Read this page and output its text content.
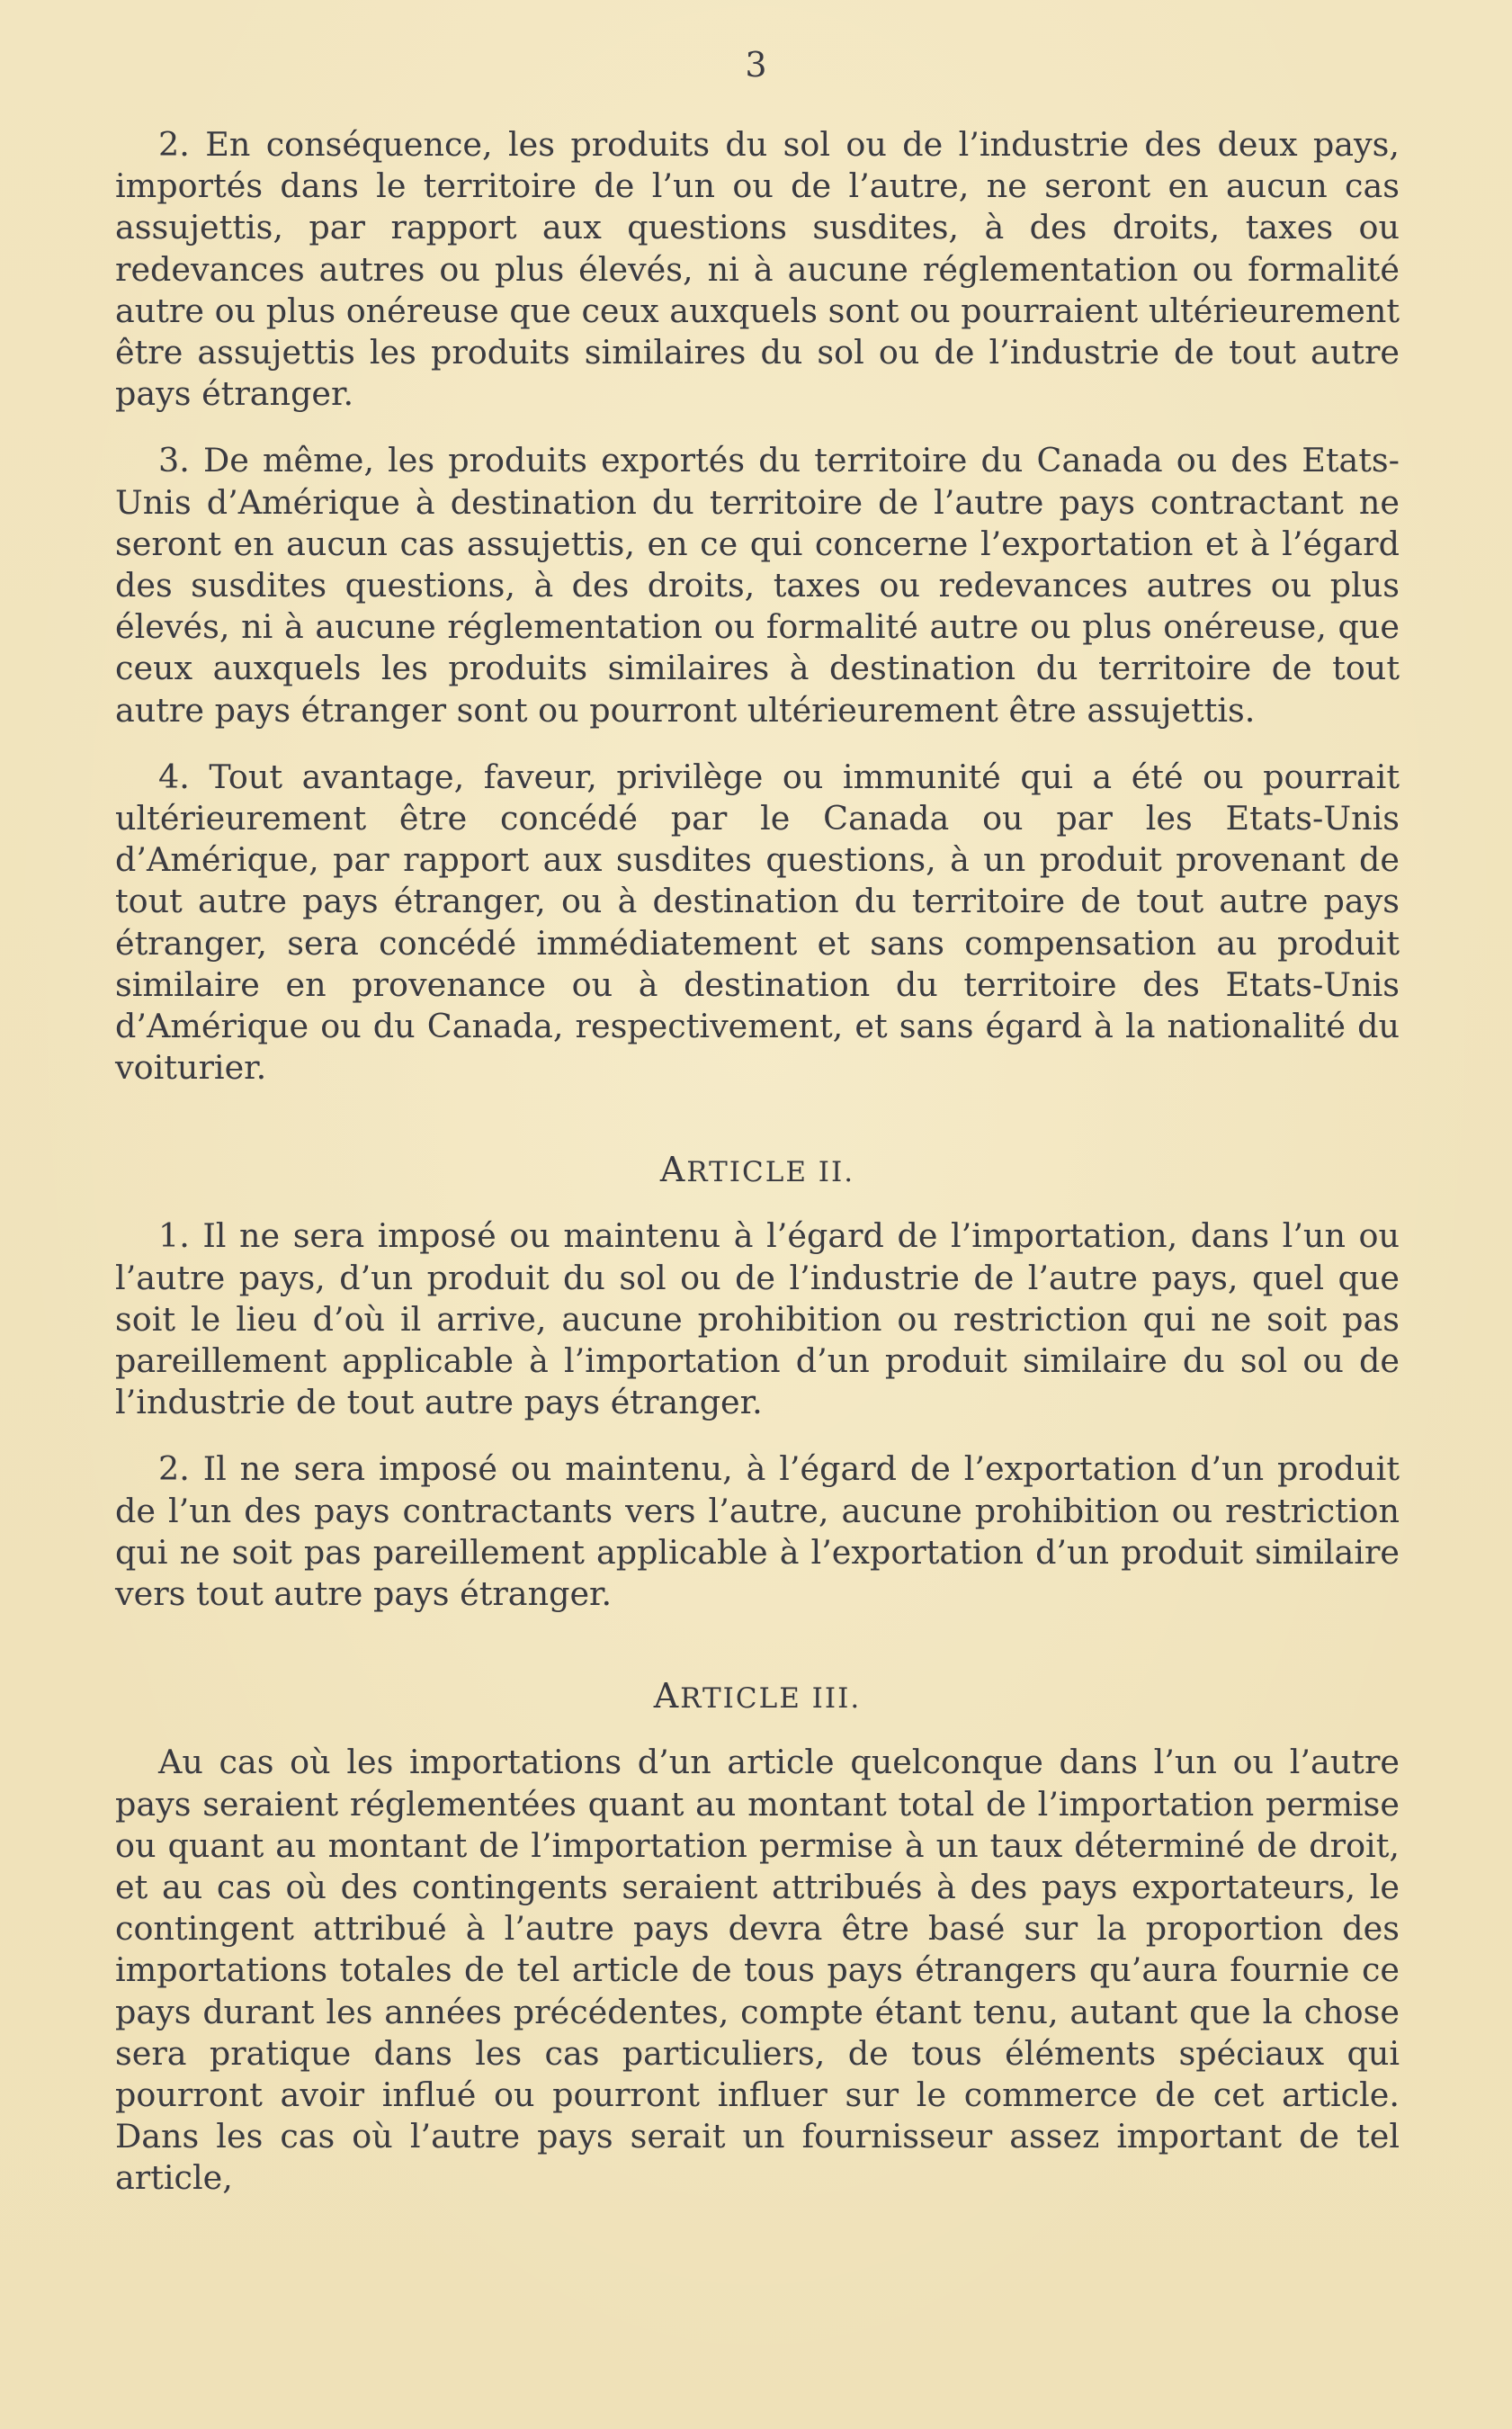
3

2. En conséquence, les produits du sol ou de l’industrie des deux pays, importés dans le territoire de l’un ou de l’autre, ne seront en aucun cas assujettis, par rapport aux questions susdites, à des droits, taxes ou redevances autres ou plus élevés, ni à aucune réglementation ou formalité autre ou plus onéreuse que ceux auxquels sont ou pourraient ultérieurement être assujettis les produits similaires du sol ou de l’industrie de tout autre pays étranger.

3. De même, les produits exportés du territoire du Canada ou des Etats-Unis d’Amérique à destination du territoire de l’autre pays contractant ne seront en aucun cas assujettis, en ce qui concerne l’exportation et à l’égard des susdites questions, à des droits, taxes ou redevances autres ou plus élevés, ni à aucune réglementation ou formalité autre ou plus onéreuse, que ceux auxquels les produits similaires à destination du territoire de tout autre pays étranger sont ou pourront ultérieurement être assujettis.

4. Tout avantage, faveur, privilège ou immunité qui a été ou pourrait ultérieurement être concédé par le Canada ou par les Etats-Unis d’Amérique, par rapport aux susdites questions, à un produit provenant de tout autre pays étranger, ou à destination du territoire de tout autre pays étranger, sera concédé immédiatement et sans compensation au produit similaire en provenance ou à destination du territoire des Etats-Unis d’Amérique ou du Canada, respectivement, et sans égard à la nationalité du voiturier.

ARTICLE II.

1. Il ne sera imposé ou maintenu à l’égard de l’importation, dans l’un ou l’autre pays, d’un produit du sol ou de l’industrie de l’autre pays, quel que soit le lieu d’où il arrive, aucune prohibition ou restriction qui ne soit pas pareillement applicable à l’importation d’un produit similaire du sol ou de l’industrie de tout autre pays étranger.

2. Il ne sera imposé ou maintenu, à l’égard de l’exportation d’un produit de l’un des pays contractants vers l’autre, aucune prohibition ou restriction qui ne soit pas pareillement applicable à l’exportation d’un produit similaire vers tout autre pays étranger.

ARTICLE III.

Au cas où les importations d’un article quelconque dans l’un ou l’autre pays seraient réglementées quant au montant total de l’importation permise ou quant au montant de l’importation permise à un taux déterminé de droit, et au cas où des contingents seraient attribués à des pays exportateurs, le contingent attribué à l’autre pays devra être basé sur la proportion des importations totales de tel article de tous pays étrangers qu’aura fournie ce pays durant les années précédentes, compte étant tenu, autant que la chose sera pratique dans les cas particuliers, de tous éléments spéciaux qui pourront avoir influé ou pourront influer sur le commerce de cet article. Dans les cas où l’autre pays serait un fournisseur assez important de tel article,
